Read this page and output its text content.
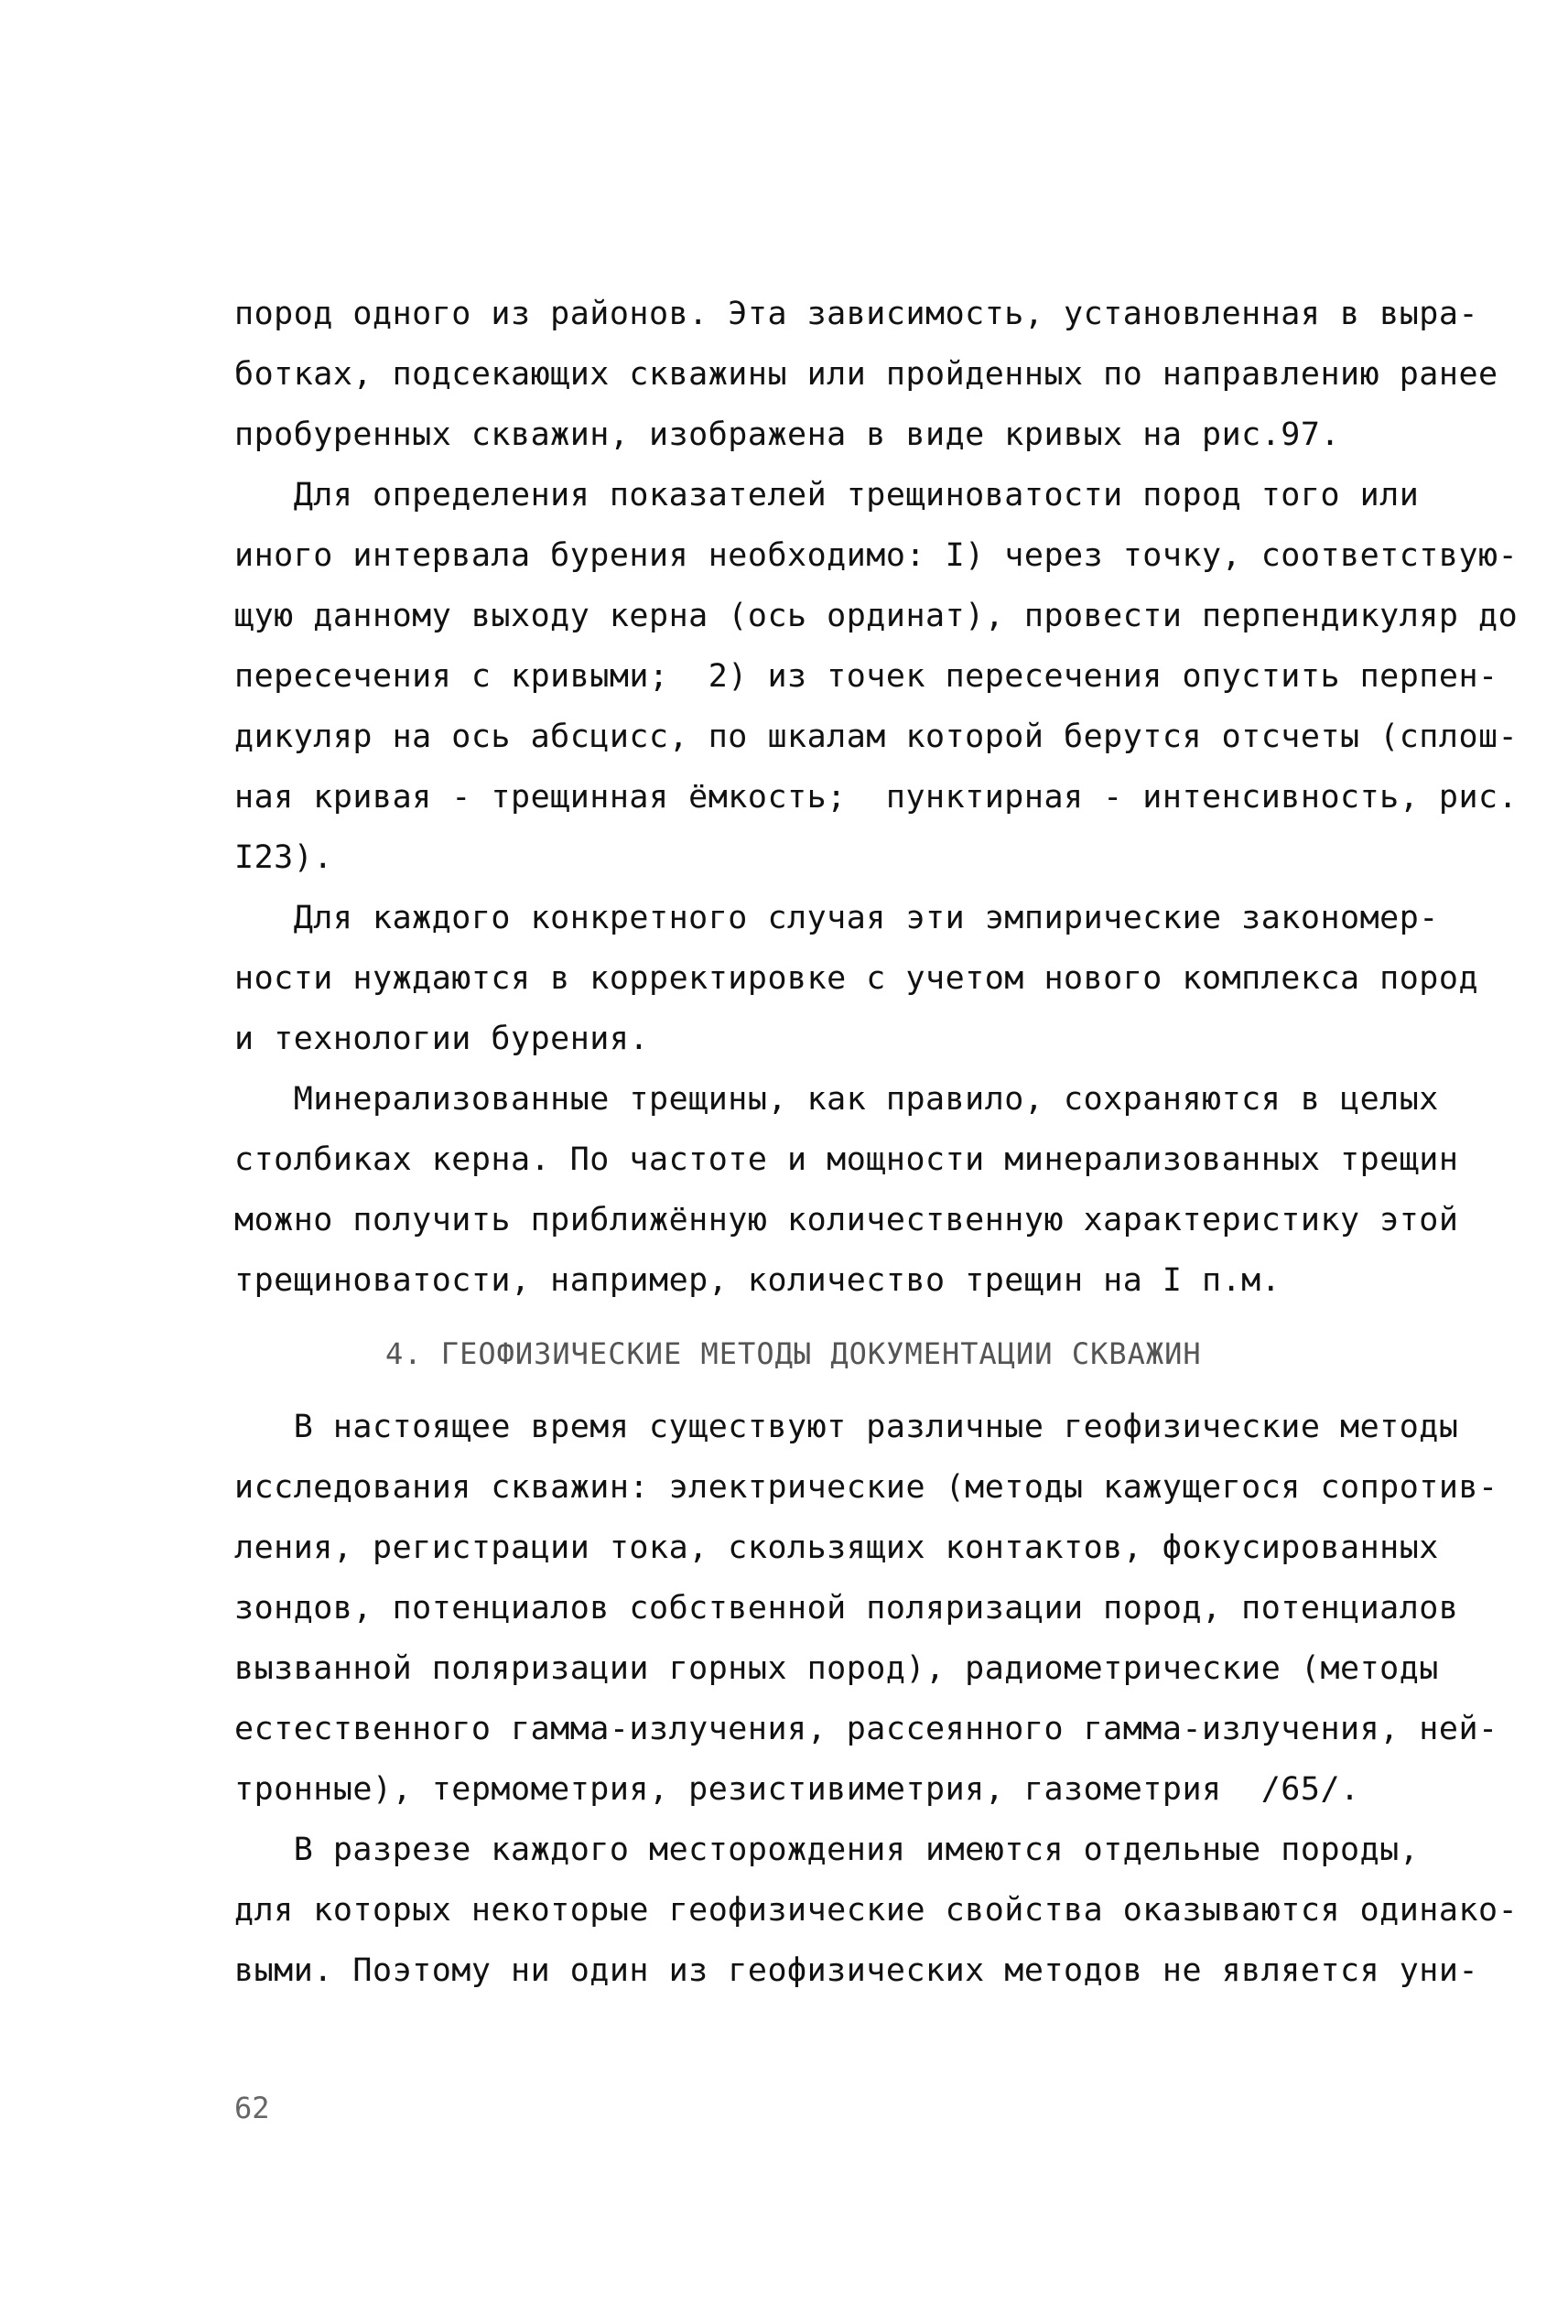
пород одного из районов. Эта зависимость, установленная в выра-
ботках, подсекающих скважины или пройденных по направлению ранее
пробуренных скважин, изображена в виде кривых на рис.97.
Для определения показателей трещиноватости пород того или
иного интервала бурения необходимо: I) через точку, соответствую-
щую данному выходу керна (ось ординат), провести перпендикуляр до
пересечения с кривыми;  2) из точек пересечения опустить перпен-
дикуляр на ось абсцисс, по шкалам которой берутся отсчеты (сплош-
ная кривая - трещинная ёмкость;  пунктирная - интенсивность, рис.
I23).
Для каждого конкретного случая эти эмпирические закономер-
ности нуждаются в корректировке с учетом нового комплекса пород
и технологии бурения.
Минерализованные трещины, как правило, сохраняются в целых
столбиках керна. По частоте и мощности минерализованных трещин
можно получить приближённую количественную характеристику этой
трещиноватости, например, количество трещин на I п.м.
4. ГЕОФИЗИЧЕСКИЕ МЕТОДЫ ДОКУМЕНТАЦИИ СКВАЖИН
В настоящее время существуют различные геофизические методы
исследования скважин: электрические (методы кажущегося сопротив-
ления, регистрации тока, скользящих контактов, фокусированных
зондов, потенциалов собственной поляризации пород, потенциалов
вызванной поляризации горных пород), радиометрические (методы
естественного гамма-излучения, рассеянного гамма-излучения, ней-
тронные), термометрия, резистивиметрия, газометрия  /65/.
В разрезе каждого месторождения имеются отдельные породы,
для которых некоторые геофизические свойства оказываются одинако-
выми. Поэтому ни один из геофизических методов не является уни-
62
